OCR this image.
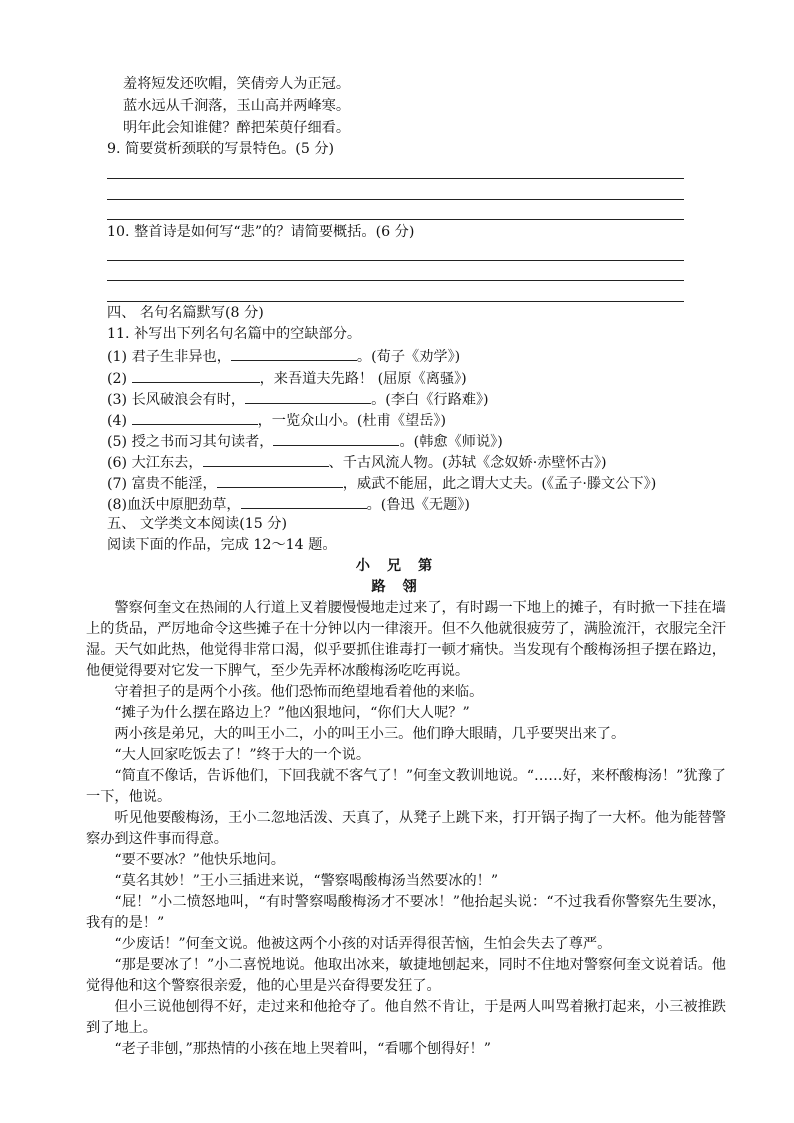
羞将短发还吹帽，笑倩旁人为正冠。
蓝水远从千涧落，玉山高并两峰寒。
明年此会知谁健？醉把茱萸仔细看。
9. 简要赏析颈联的写景特色。(5 分)
10. 整首诗是如何写“悲”的？请简要概括。(6 分)
四、 名句名篇默写(8 分)
11. 补写出下列名句名篇中的空缺部分。
(1) 君子生非异也，	。(荀子《劝学》)
(2)	，来吾道夫先路！ (屈原《离骚》)
(3) 长风破浪会有时，	。(李白《行路难》)
(4)	，一览众山小。(杜甫《望岳》)
(5) 授之书而习其句读者，	。(韩愈《师说》)
(6) 大江东去，	、千古风流人物。(苏轼《念奴娇·赤壁怀古》)
(7) 富贵不能淫，	，威武不能屈，此之谓大丈夫。(《孟子·滕文公下》)
(8)血沃中原肥劲草，	。(鲁迅《无题》)
五、 文学类文本阅读(15 分)
阅读下面的作品，完成 12～14 题。
小 兄 第
路 翎
警察何奎文在热闹的人行道上叉着腰慢慢地走过来了，有时踢一下地上的摊子，有时掀一下挂在墙上的货品，严厉地命令这些摊子在十分钟以内一律滚开。但不久他就很疲劳了，满脸流汗，衣服完全汗湿。天气如此热，他觉得非常口渴，似乎要抓住谁毒打一顿才痛快。当发现有个酸梅汤担子摆在路边，他便觉得要对它发一下脾气，至少先弄杯冰酸梅汤吃吃再说。
守着担子的是两个小孩。他们恐怖而绝望地看着他的来临。
“摊子为什么摆在路边上？”他凶狠地问，“你们大人呢？”
两小孩是弟兄，大的叫王小二，小的叫王小三。他们睁大眼睛，几乎要哭出来了。
“大人回家吃饭去了！”终于大的一个说。
“简直不像话，告诉他们，下回我就不客气了！”何奎文教训地说。“……好，来杯酸梅汤！”犹豫了一下，他说。
听见他要酸梅汤，王小二忽地活泼、天真了，从凳子上跳下来，打开锅子掏了一大杯。他为能替警察办到这件事而得意。
“要不要冰？”他快乐地问。
“莫名其妙！”王小三插进来说，“警察喝酸梅汤当然要冰的！”
“屁！”小二愤怒地叫，“有时警察喝酸梅汤才不要冰！”他抬起头说：“不过我看你警察先生要冰，我有的是！”
“少废话！”何奎文说。他被这两个小孩的对话弄得很苦恼，生怕会失去了尊严。
“那是要冰了！”小二喜悦地说。他取出冰来，敏捷地刨起来，同时不住地对警察何奎文说着话。他觉得他和这个警察很亲爱，他的心里是兴奋得要发狂了。
但小三说他刨得不好，走过来和他抢夺了。他自然不肯让，于是两人叫骂着揪打起来，小三被推跌到了地上。
“老子非刨，”那热情的小孩在地上哭着叫，“看哪个刨得好！”
